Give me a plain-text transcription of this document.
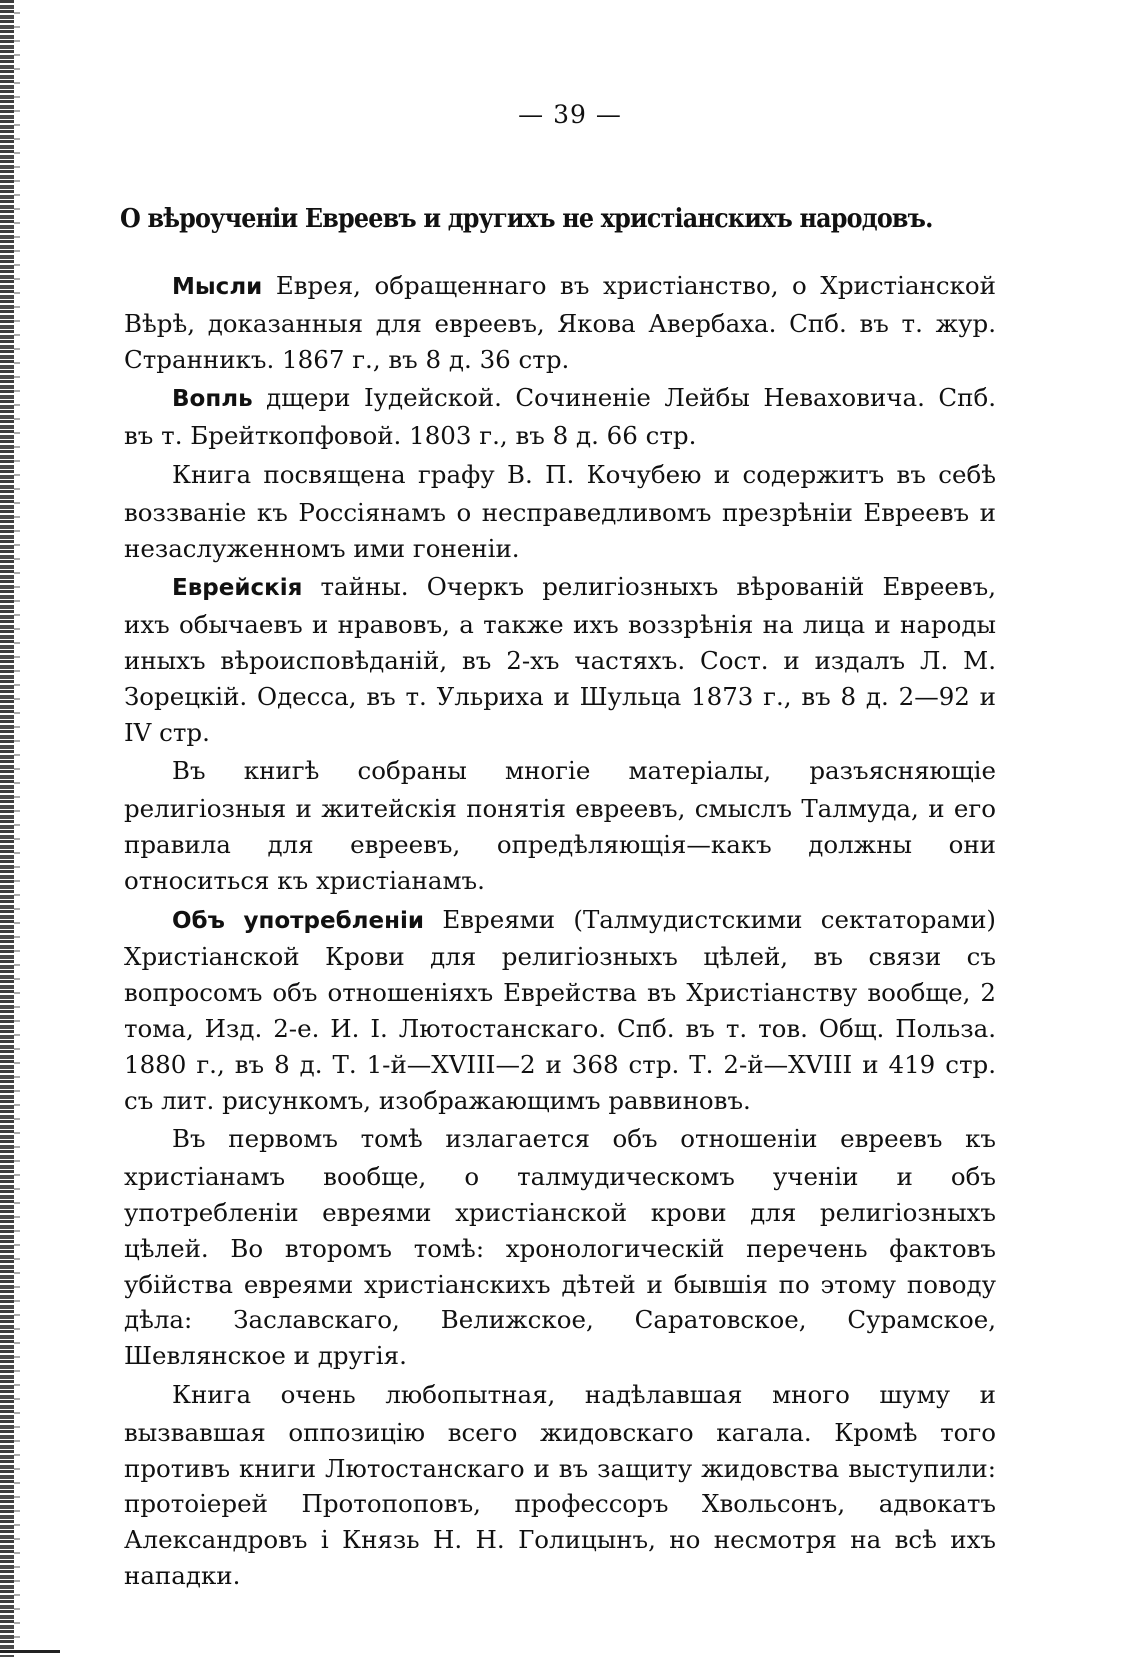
— 39 —
О вѣроученіи Евреевъ и другихъ не христіанскихъ народовъ.

Мысли Еврея, обращеннаго въ христіанство, о Христіанской Вѣрѣ, доказанныя для евреевъ, Якова Авербаха. Спб. въ т. жур. Странникъ. 1867 г., въ 8 д. 36 стр.

Вопль дщери Іудейской. Сочиненіе Лейбы Неваховича. Спб. въ т. Брейткопфовой. 1803 г., въ 8 д. 66 стр.

Книга посвящена графу В. П. Кочубею и содержитъ въ себѣ воззваніе къ Россіянамъ о несправедливомъ презрѣніи Евреевъ и незаслуженномъ ими гоненіи.

Еврейскія тайны. Очеркъ религіозныхъ вѣрованій Евреевъ, ихъ обычаевъ и нравовъ, а также ихъ воззрѣнія на лица и народы иныхъ вѣроисповѣданій, въ 2-хъ частяхъ. Сост. и издалъ Л. М. Зорецкій. Одесса, въ т. Ульриха и Шульца 1873 г., въ 8 д. 2—92 и IV стр.

Въ книгѣ собраны многіе матеріалы, разъясняющіе религіозныя и житейскія понятія евреевъ, смыслъ Талмуда, и его правила для евреевъ, опредѣляющія—какъ должны они относиться къ христіанамъ.

Объ употребленіи Евреями (Талмудистскими сектаторами) Христіанской Крови для религіозныхъ цѣлей, въ связи съ вопросомъ объ отношеніяхъ Еврейства въ Христіанству вообще, 2 тома, Изд. 2-е. И. І. Лютостанскаго. Спб. въ т. тов. Общ. Польза. 1880 г., въ 8 д. Т. 1-й—XVIII—2 и 368 стр. Т. 2-й—XVIII и 419 стр. съ лит. рисункомъ, изображающимъ раввиновъ.

Въ первомъ томѣ излагается объ отношеніи евреевъ къ христіанамъ вообще, о талмудическомъ ученіи и объ употребленіи евреями христіанской крови для религіозныхъ цѣлей. Во второмъ томѣ: хронологическій перечень фактовъ убійства евреями христіанскихъ дѣтей и бывшія по этому поводу дѣла: Заславскаго, Велижское, Саратовское, Сурамское, Шевлянское и другія.

Книга очень любопытная, надѣлавшая много шуму и вызвавшая оппозицію всего жидовскаго кагала. Кромѣ того противъ книги Лютостанскаго и въ защиту жидовства выступили: протоіерей Протопоповъ, профессоръ Хвольсонъ, адвокатъ Александровъ і Князь Н. Н. Голицынъ, но несмотря на всѣ ихъ нападки.
